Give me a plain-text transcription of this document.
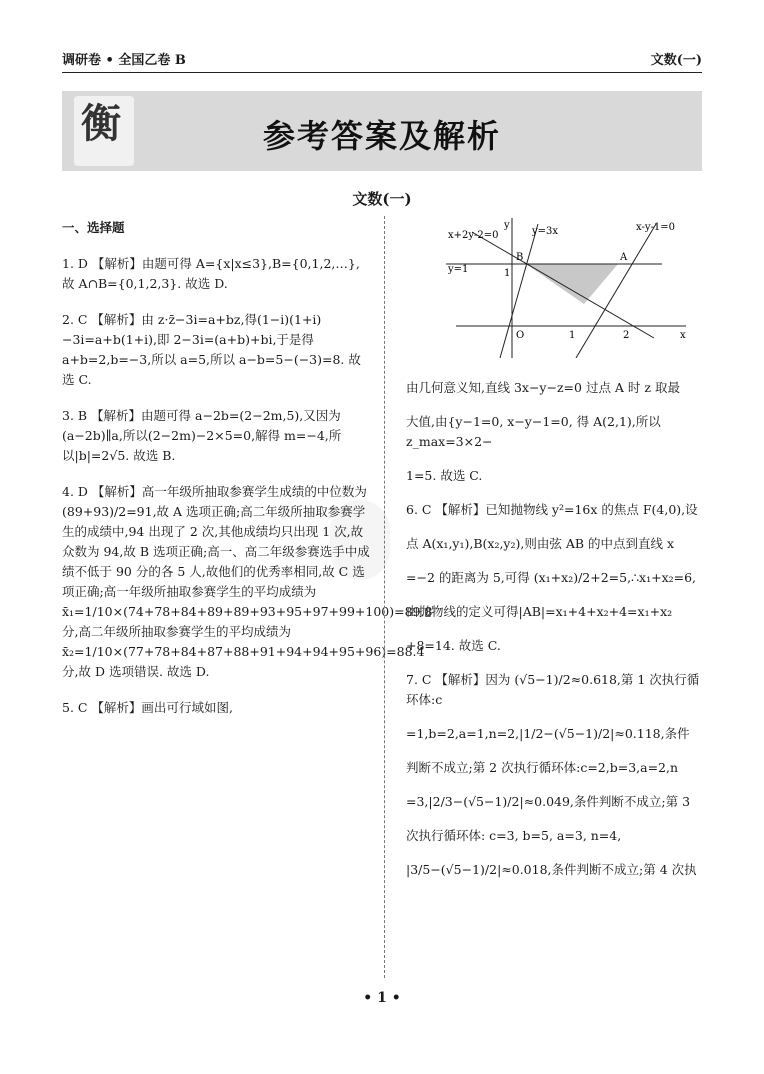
调研卷 • 全国乙卷 B	文数(一)
衡	参考答案及解析
文数(一)

一、选择题

1. D 【解析】由题可得 A={x|x≤3},B={0,1,2,…},故 A∩B={0,1,2,3}. 故选 D.

2. C 【解析】由 z·z̄−3i=a+bz,得(1−i)(1+i)−3i=a+b(1+i),即 2−3i=(a+b)+bi,于是得 a+b=2,b=−3,所以 a=5,所以 a−b=5−(−3)=8. 故选 C.

3. B 【解析】由题可得 a−2b=(2−2m,5),又因为(a−2b)∥a,所以(2−2m)−2×5=0,解得 m=−4,所以|b|=2√5. 故选 B.

4. D 【解析】高一年级所抽取参赛学生成绩的中位数为 (89+93)/2=91,故 A 选项正确;高二年级所抽取参赛学生的成绩中,94 出现了 2 次,其他成绩均只出现 1 次,故众数为 94,故 B 选项正确;高一、高二年级参赛选手中成绩不低于 90 分的各 5 人,故他们的优秀率相同,故 C 选项正确;高一年级所抽取参赛学生的平均成绩为 x̄₁=1/10×(74+78+84+89+89+93+95+97+99+100)=89.8 分,高二年级所抽取参赛学生的平均成绩为 x̄₂=1/10×(77+78+84+87+88+91+94+94+95+96)=88.4 分,故 D 选项错误. 故选 D.

5. C 【解析】画出可行域如图,

x+2y-2=0	y=3x	x-y-1=0
y=1
y
x
O
B	A
1
1	2

由几何意义知,直线 3x−y−z=0 过点 A 时 z 取最

大值,由{y−1=0, x−y−1=0, 得 A(2,1),所以 z_max=3×2−

1=5. 故选 C.

6. C 【解析】已知抛物线 y²=16x 的焦点 F(4,0),设

点 A(x₁,y₁),B(x₂,y₂),则由弦 AB 的中点到直线 x

=−2 的距离为 5,可得 (x₁+x₂)/2+2=5,∴x₁+x₂=6,

由抛物线的定义可得|AB|=x₁+4+x₂+4=x₁+x₂

+8=14. 故选 C.

7. C 【解析】因为 (√5−1)/2≈0.618,第 1 次执行循环体:c

=1,b=2,a=1,n=2,|1/2−(√5−1)/2|≈0.118,条件

判断不成立;第 2 次执行循环体:c=2,b=3,a=2,n

=3,|2/3−(√5−1)/2|≈0.049,条件判断不成立;第 3

次执行循环体: c=3, b=5, a=3, n=4,

|3/5−(√5−1)/2|≈0.018,条件判断不成立;第 4 次执

• 1 •
